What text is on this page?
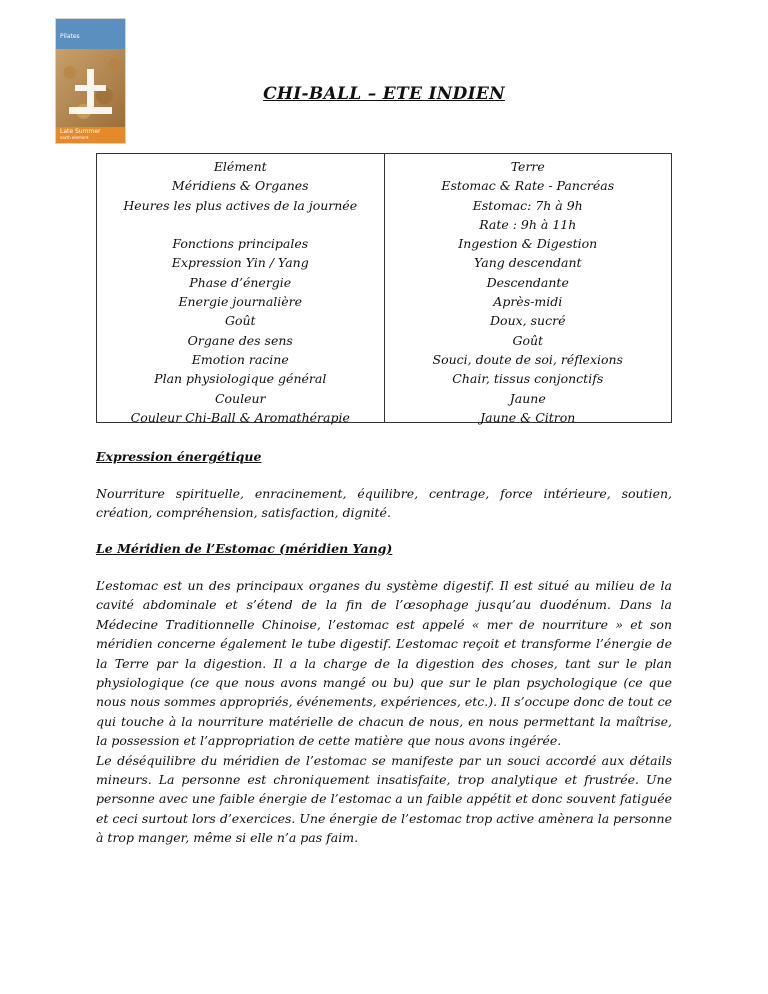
Pilates
Late Summer
earth element
CHI-BALL – ETE INDIEN
Elément
Méridiens & Organes
Heures les plus actives de la journée

Fonctions principales
Expression Yin / Yang
Phase d’énergie
Energie journalière
Goût
Organe des sens
Emotion racine
Plan physiologique général
Couleur
Couleur Chi-Ball & Aromathérapie
Terre
Estomac & Rate - Pancréas
Estomac: 7h à 9h
Rate : 9h à 11h
Ingestion & Digestion
Yang descendant
Descendante
Après-midi
Doux, sucré
Goût
Souci, doute de soi, réflexions
Chair, tissus conjonctifs
Jaune
Jaune & Citron
Expression énergétique

Nourriture spirituelle, enracinement, équilibre, centrage, force intérieure, soutien, création, compréhension, satisfaction, dignité.

Le Méridien de l’Estomac (méridien Yang)

L’estomac est un des principaux organes du système digestif. Il est situé au milieu de la cavité abdominale et s’étend de la fin de l’œsophage jusqu’au duodénum. Dans la Médecine Traditionnelle Chinoise, l’estomac est appelé « mer de nourriture » et son méridien concerne également le tube digestif. L’estomac reçoit et transforme l’énergie de la Terre par la digestion. Il a la charge de la digestion des choses, tant sur le plan physiologique (ce que nous avons mangé ou bu) que sur le plan psychologique (ce que nous nous sommes appropriés, événements, expériences, etc.). Il s’occupe donc de tout ce qui touche à la nourriture matérielle de chacun de nous, en nous permettant la maîtrise, la possession et l’appropriation de cette matière que nous avons ingérée.

Le déséquilibre du méridien de l’estomac se manifeste par un souci accordé aux détails mineurs. La personne est chroniquement insatisfaite, trop analytique et frustrée. Une personne avec une faible énergie de l’estomac a un faible appétit et donc souvent fatiguée et ceci surtout lors d’exercices. Une énergie de l’estomac trop active amènera la personne à trop manger, même si elle n’a pas faim.
